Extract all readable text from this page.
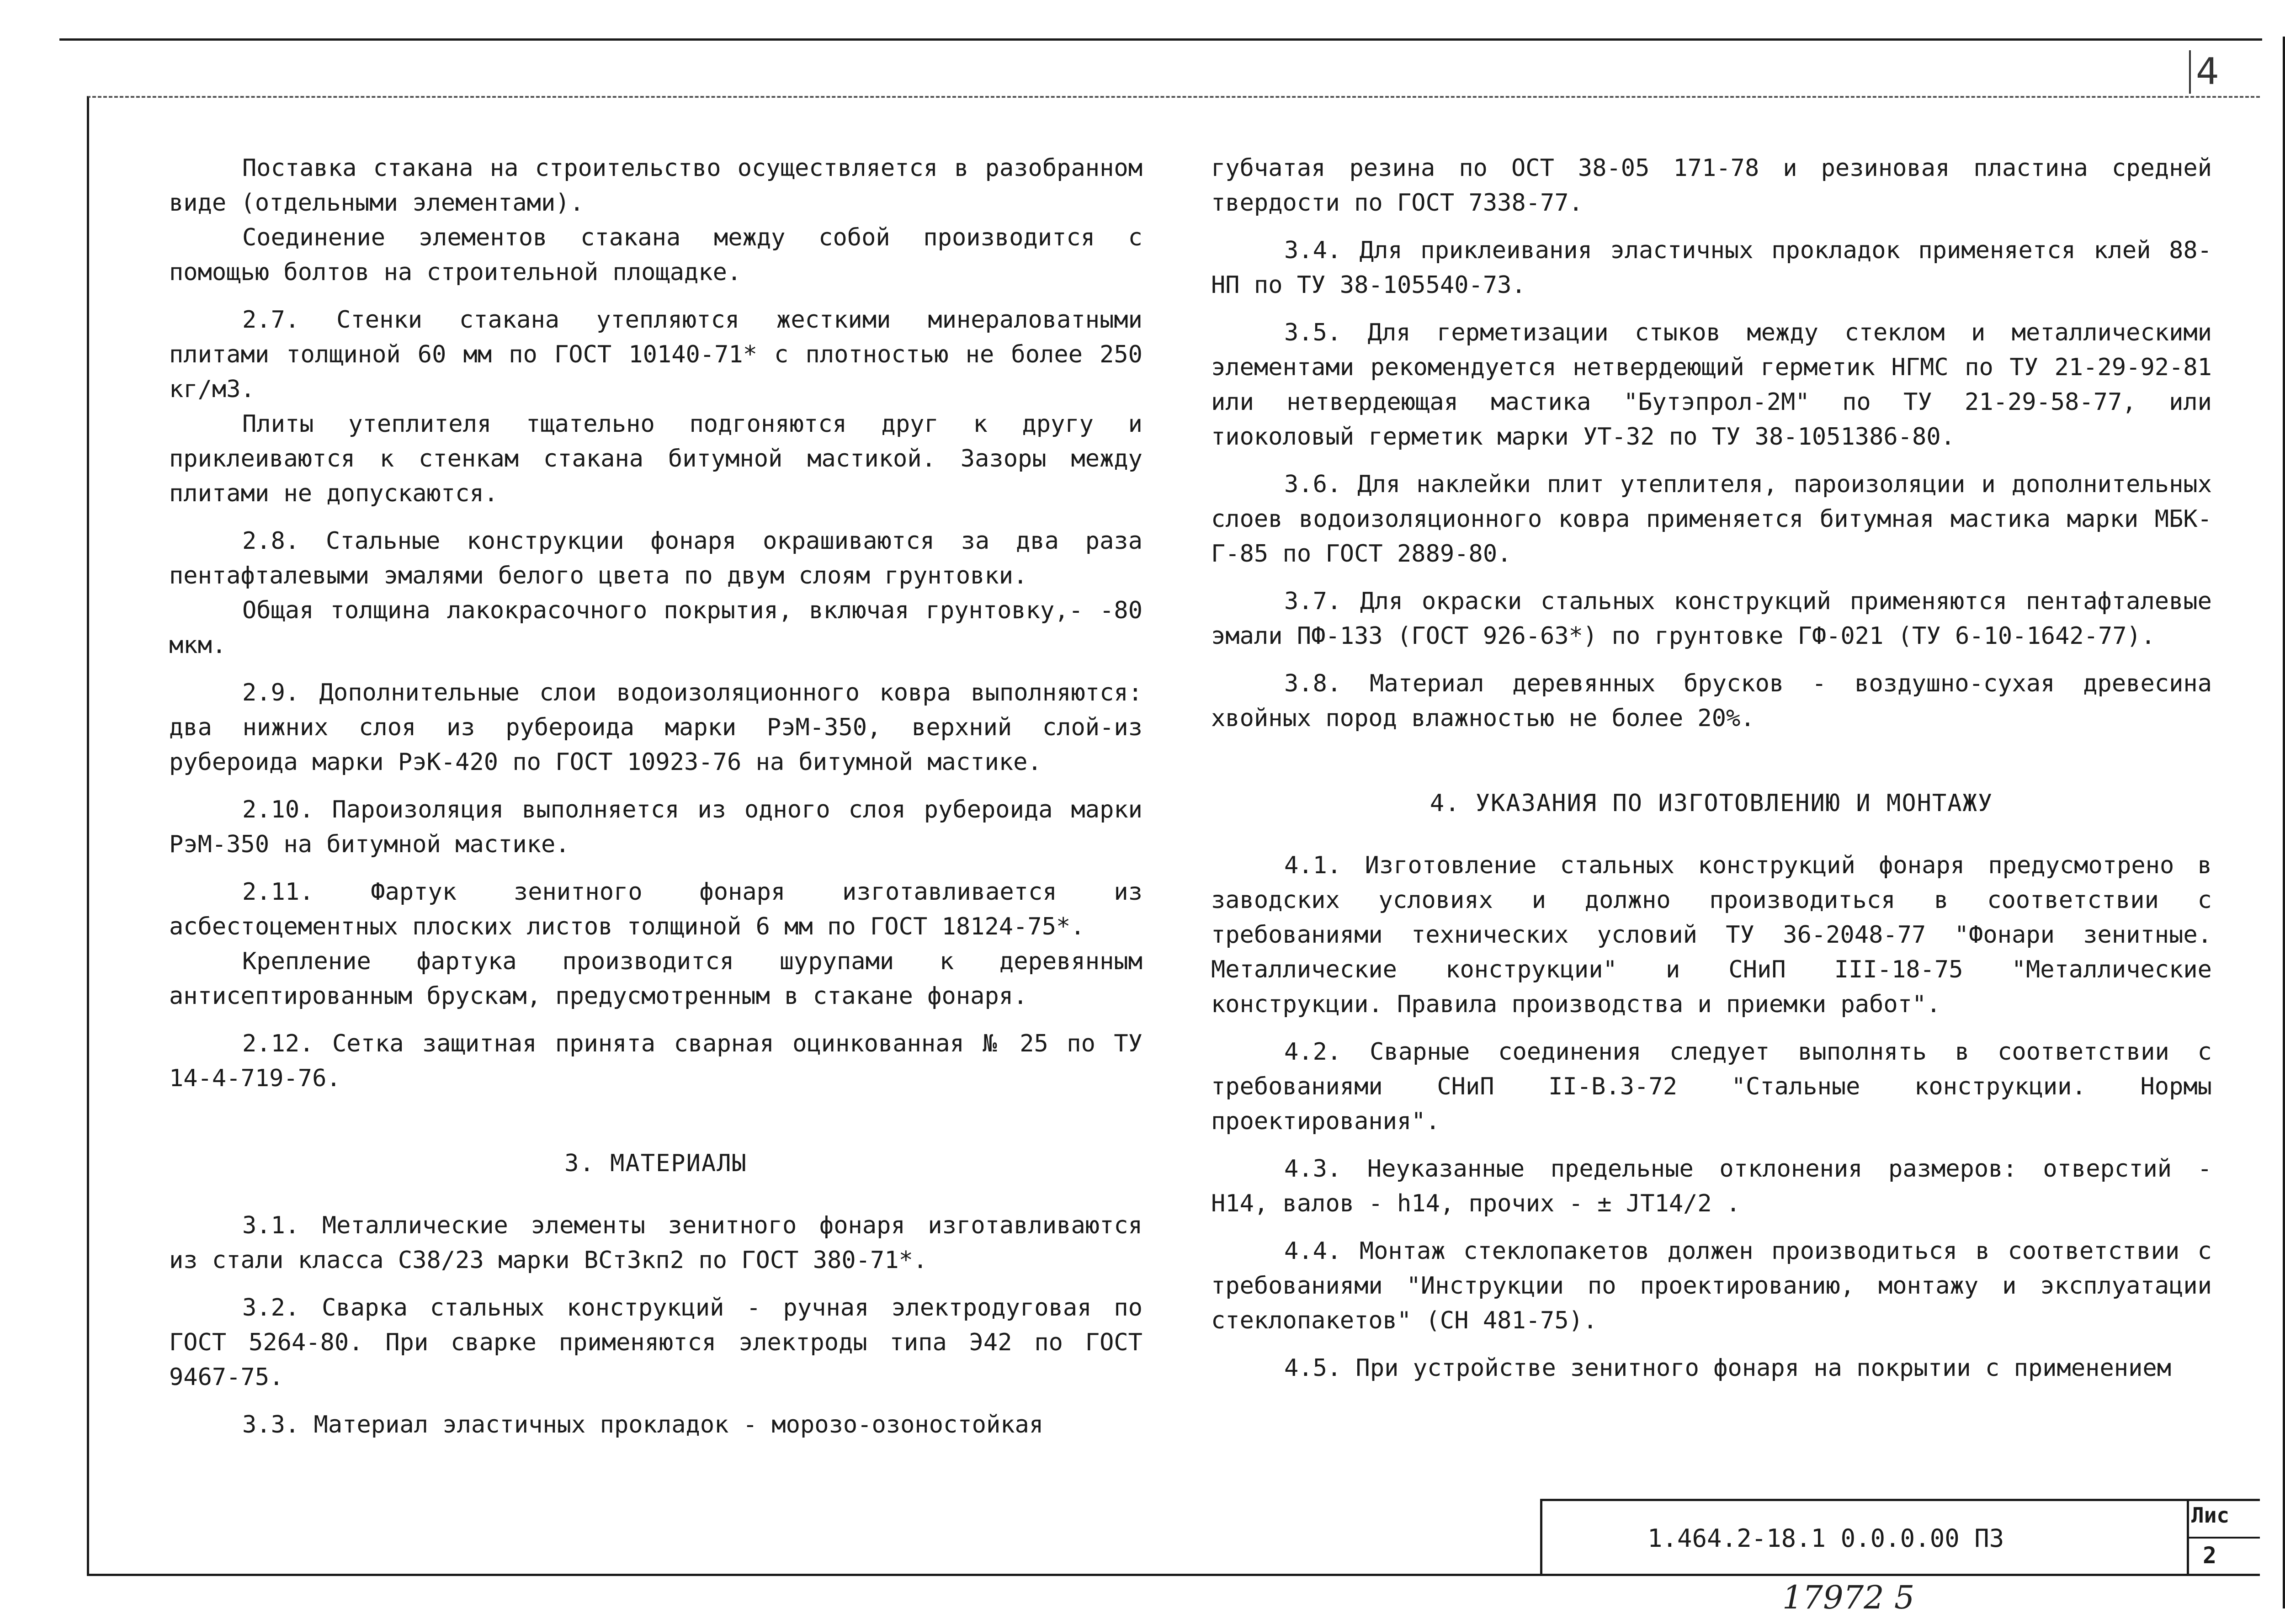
4

Поставка стакана на строительство осуществляется в разобранном виде (отдельными элементами).

Соединение элементов стакана между собой производится с помощью болтов на строительной площадке.

2.7. Стенки стакана утепляются жесткими минераловатными плитами толщиной 60 мм по ГОСТ 10140-71* с плотностью не более 250 кг/м3.

Плиты утеплителя тщательно подгоняются друг к другу и приклеиваются к стенкам стакана битумной мастикой. Зазоры между плитами не допускаются.

2.8. Стальные конструкции фонаря окрашиваются за два раза пентафталевыми эмалями белого цвета по двум слоям грунтовки.

Общая толщина лакокрасочного покрытия, включая грунтовку,- -80 мкм.

2.9. Дополнительные слои водоизоляционного ковра выполняются: два нижних слоя из рубероида марки РэМ-350, верхний слой-из рубероида марки РэК-420 по ГОСТ 10923-76 на битумной мастике.

2.10. Пароизоляция выполняется из одного слоя рубероида марки РэМ-350 на битумной мастике.

2.11. Фартук зенитного фонаря изготавливается из асбестоцементных плоских листов толщиной 6 мм по ГОСТ 18124-75*.

Крепление фартука производится шурупами к деревянным антисептированным брускам, предусмотренным в стакане фонаря.

2.12. Сетка защитная принята сварная оцинкованная № 25 по ТУ 14-4-719-76.

3. МАТЕРИАЛЫ

3.1. Металлические элементы зенитного фонаря изготавливаются из стали класса С38/23 марки ВСт3кп2 по ГОСТ 380-71*.

3.2. Сварка стальных конструкций - ручная электродуговая по ГОСТ 5264-80. При сварке применяются электроды типа Э42 по ГОСТ 9467-75.

3.3. Материал эластичных прокладок - морозо-озоностойкая

губчатая резина по ОСТ 38-05 171-78 и резиновая пластина средней твердости по ГОСТ 7338-77.

3.4. Для приклеивания эластичных прокладок применяется клей 88-НП по ТУ 38-105540-73.

3.5. Для герметизации стыков между стеклом и металлическими элементами рекомендуется нетвердеющий герметик НГМС по ТУ 21-29-92-81 или нетвердеющая мастика "Бутэпрол-2М" по ТУ 21-29-58-77, или тиоколовый герметик марки УТ-32 по ТУ 38-1051386-80.

3.6. Для наклейки плит утеплителя, пароизоляции и дополнительных слоев водоизоляционного ковра применяется битумная мастика марки МБК-Г-85 по ГОСТ 2889-80.

3.7. Для окраски стальных конструкций применяются пентафталевые эмали ПФ-133 (ГОСТ 926-63*) по грунтовке ГФ-021 (ТУ 6-10-1642-77).

3.8. Материал деревянных брусков - воздушно-сухая древесина хвойных пород влажностью не более 20%.

4. УКАЗАНИЯ ПО ИЗГОТОВЛЕНИЮ И МОНТАЖУ

4.1. Изготовление стальных конструкций фонаря предусмотрено в заводских условиях и должно производиться в соответствии с требованиями технических условий ТУ 36-2048-77 "Фонари зенитные. Металлические конструкции" и СНиП III-18-75 "Металлические конструкции. Правила производства и приемки работ".

4.2. Сварные соединения следует выполнять в соответствии с требованиями СНиП II-В.3-72 "Стальные конструкции. Нормы проектирования".

4.3. Неуказанные предельные отклонения размеров: отверстий - Н14, валов - h14, прочих - ± JT14/2 .

4.4. Монтаж стеклопакетов должен производиться в соответствии с требованиями "Инструкции по проектированию, монтажу и эксплуатации стеклопакетов" (СН 481-75).

4.5. При устройстве зенитного фонаря на покрытии с применением

1.464.2-18.1 0.0.0.00 ПЗ
Лис
2
17972 5
